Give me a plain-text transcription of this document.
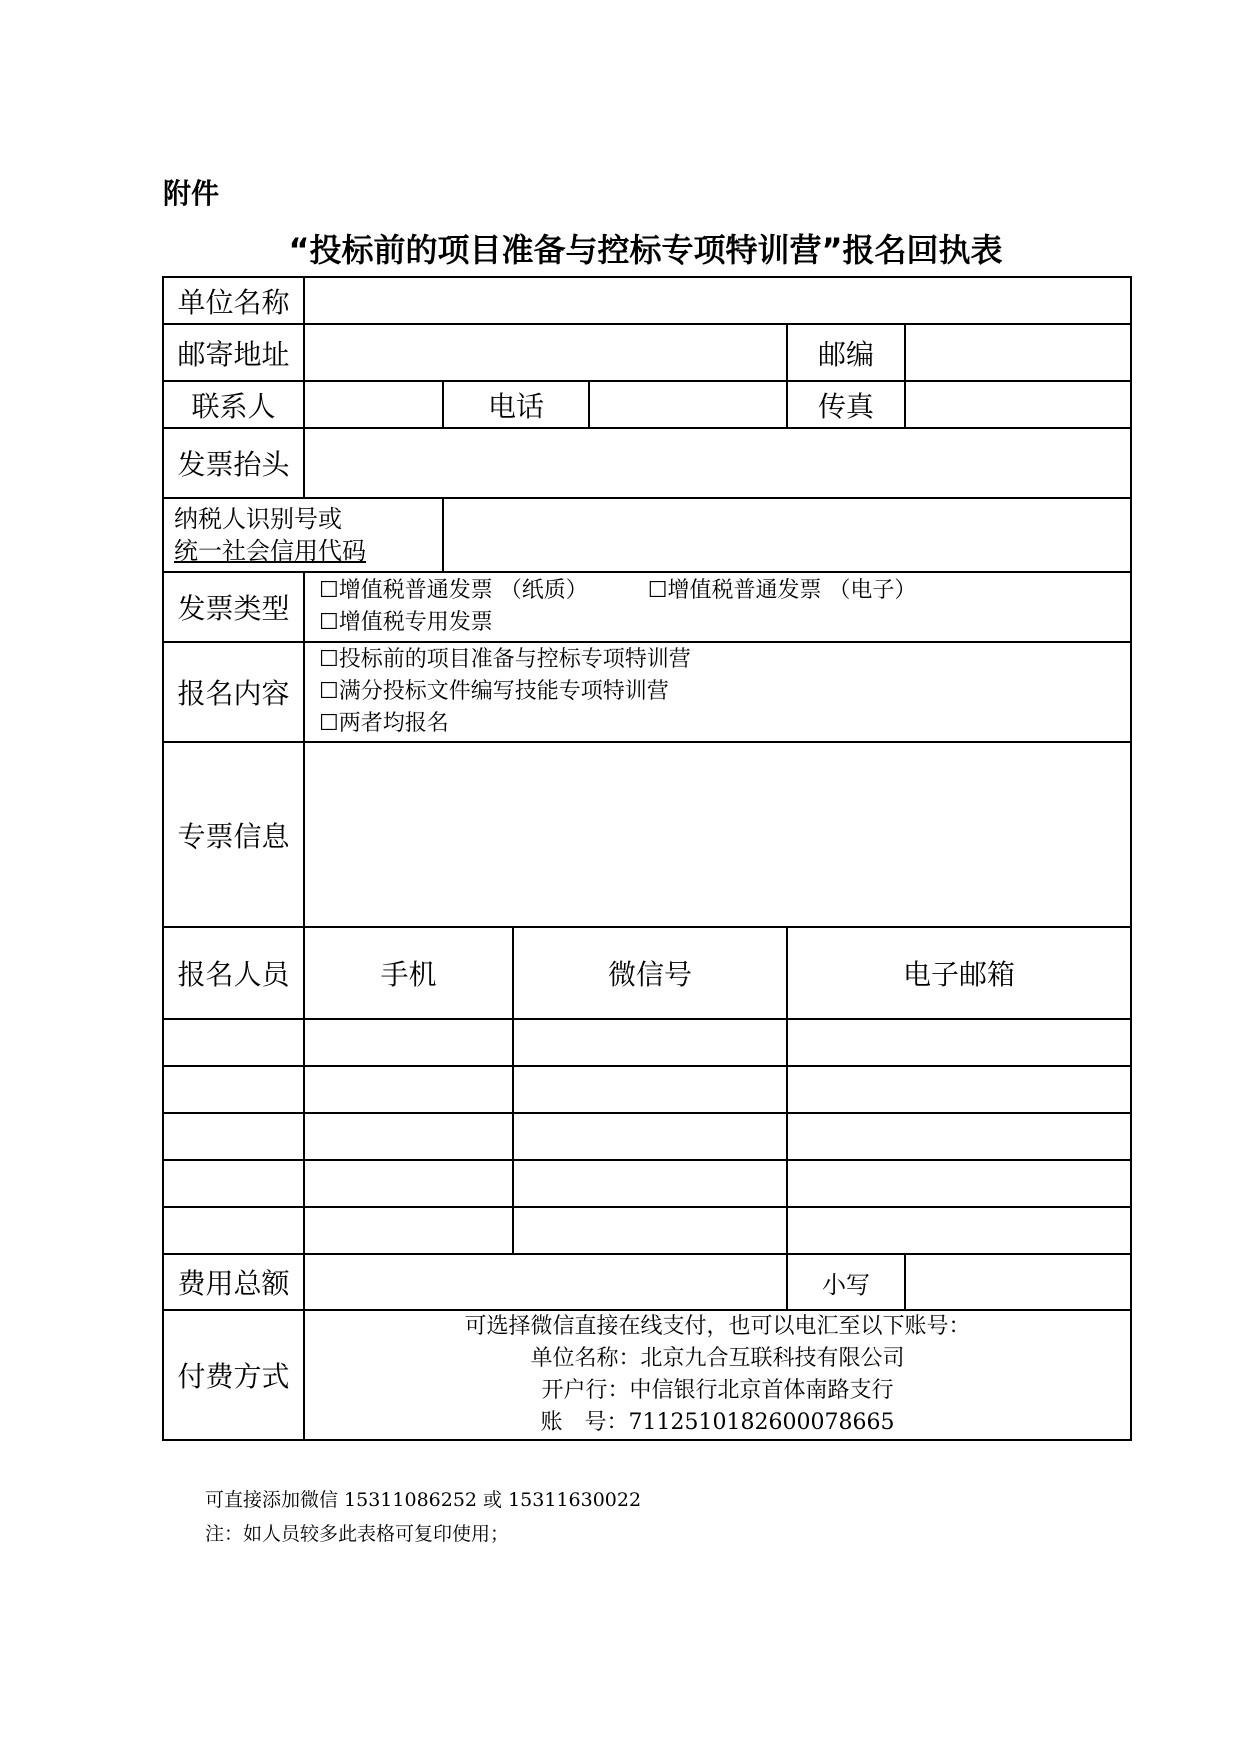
附件
“投标前的项目准备与控标专项特训营”报名回执表
单位名称						
邮寄地址					邮编	
联系人		电话			传真	
发票抬头						

纳税人识别号或
统一社会信用代码						

发票类型	☐增值税普通发票 （纸质） ☐增值税普通发票 （电子）
☐增值税专用发票					

报名内容	☐投标前的项目准备与控标专项特训营
☐满分投标文件编写技能专项特训营
☐两者均报名					

专票信息						
报名人员	手机		微信号		电子邮箱	

费用总额					小写	
付费方式	可选择微信直接在线支付，也可以电汇至以下账号：
单位名称：北京九合互联科技有限公司
开户行：中信银行北京首体南路支行
账　号：7112510182600078665					
可直接添加微信 15311086252 或 15311630022
注：如人员较多此表格可复印使用；
